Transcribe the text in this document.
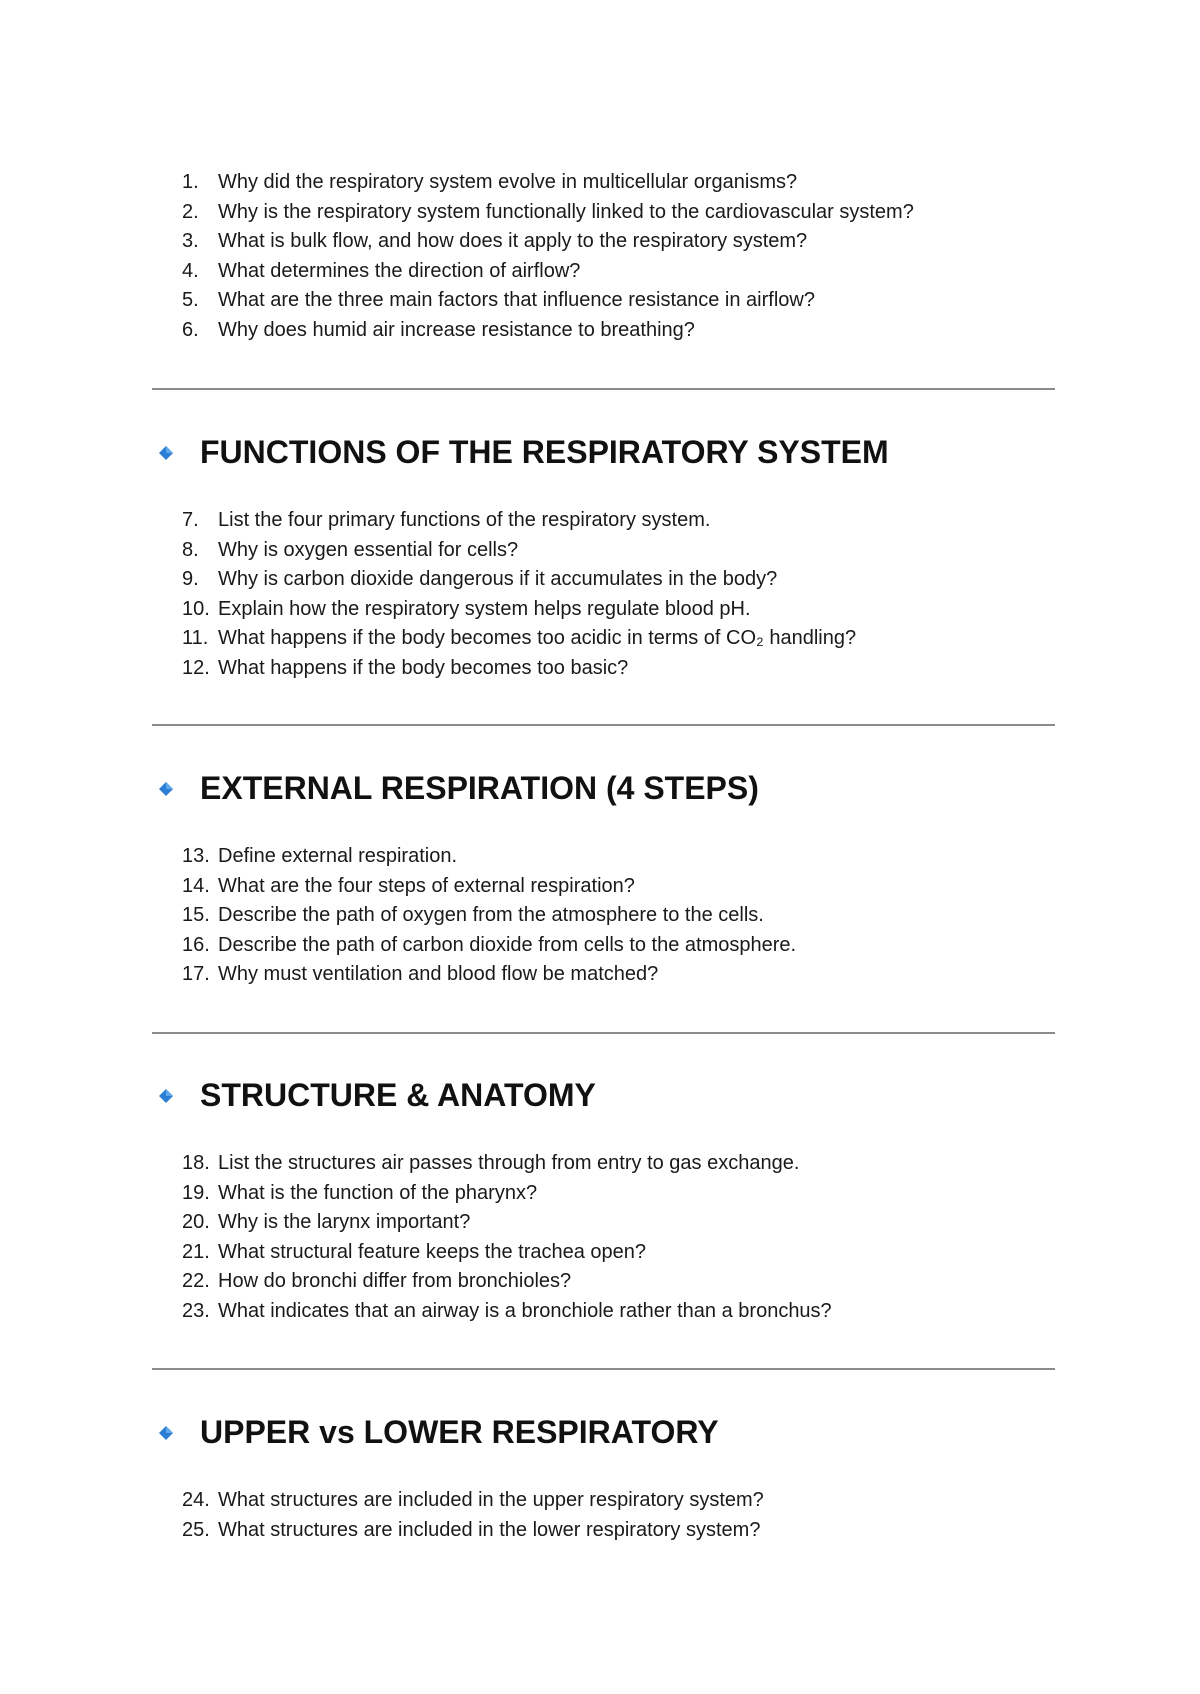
1. Why did the respiratory system evolve in multicellular organisms?
2. Why is the respiratory system functionally linked to the cardiovascular system?
3. What is bulk flow, and how does it apply to the respiratory system?
4. What determines the direction of airflow?
5. What are the three main factors that influence resistance in airflow?
6. Why does humid air increase resistance to breathing?
FUNCTIONS OF THE RESPIRATORY SYSTEM
7. List the four primary functions of the respiratory system.
8. Why is oxygen essential for cells?
9. Why is carbon dioxide dangerous if it accumulates in the body?
10. Explain how the respiratory system helps regulate blood pH.
11. What happens if the body becomes too acidic in terms of CO₂ handling?
12. What happens if the body becomes too basic?
EXTERNAL RESPIRATION (4 STEPS)
13. Define external respiration.
14. What are the four steps of external respiration?
15. Describe the path of oxygen from the atmosphere to the cells.
16. Describe the path of carbon dioxide from cells to the atmosphere.
17. Why must ventilation and blood flow be matched?
STRUCTURE & ANATOMY
18. List the structures air passes through from entry to gas exchange.
19. What is the function of the pharynx?
20. Why is the larynx important?
21. What structural feature keeps the trachea open?
22. How do bronchi differ from bronchioles?
23. What indicates that an airway is a bronchiole rather than a bronchus?
UPPER vs LOWER RESPIRATORY
24. What structures are included in the upper respiratory system?
25. What structures are included in the lower respiratory system?
